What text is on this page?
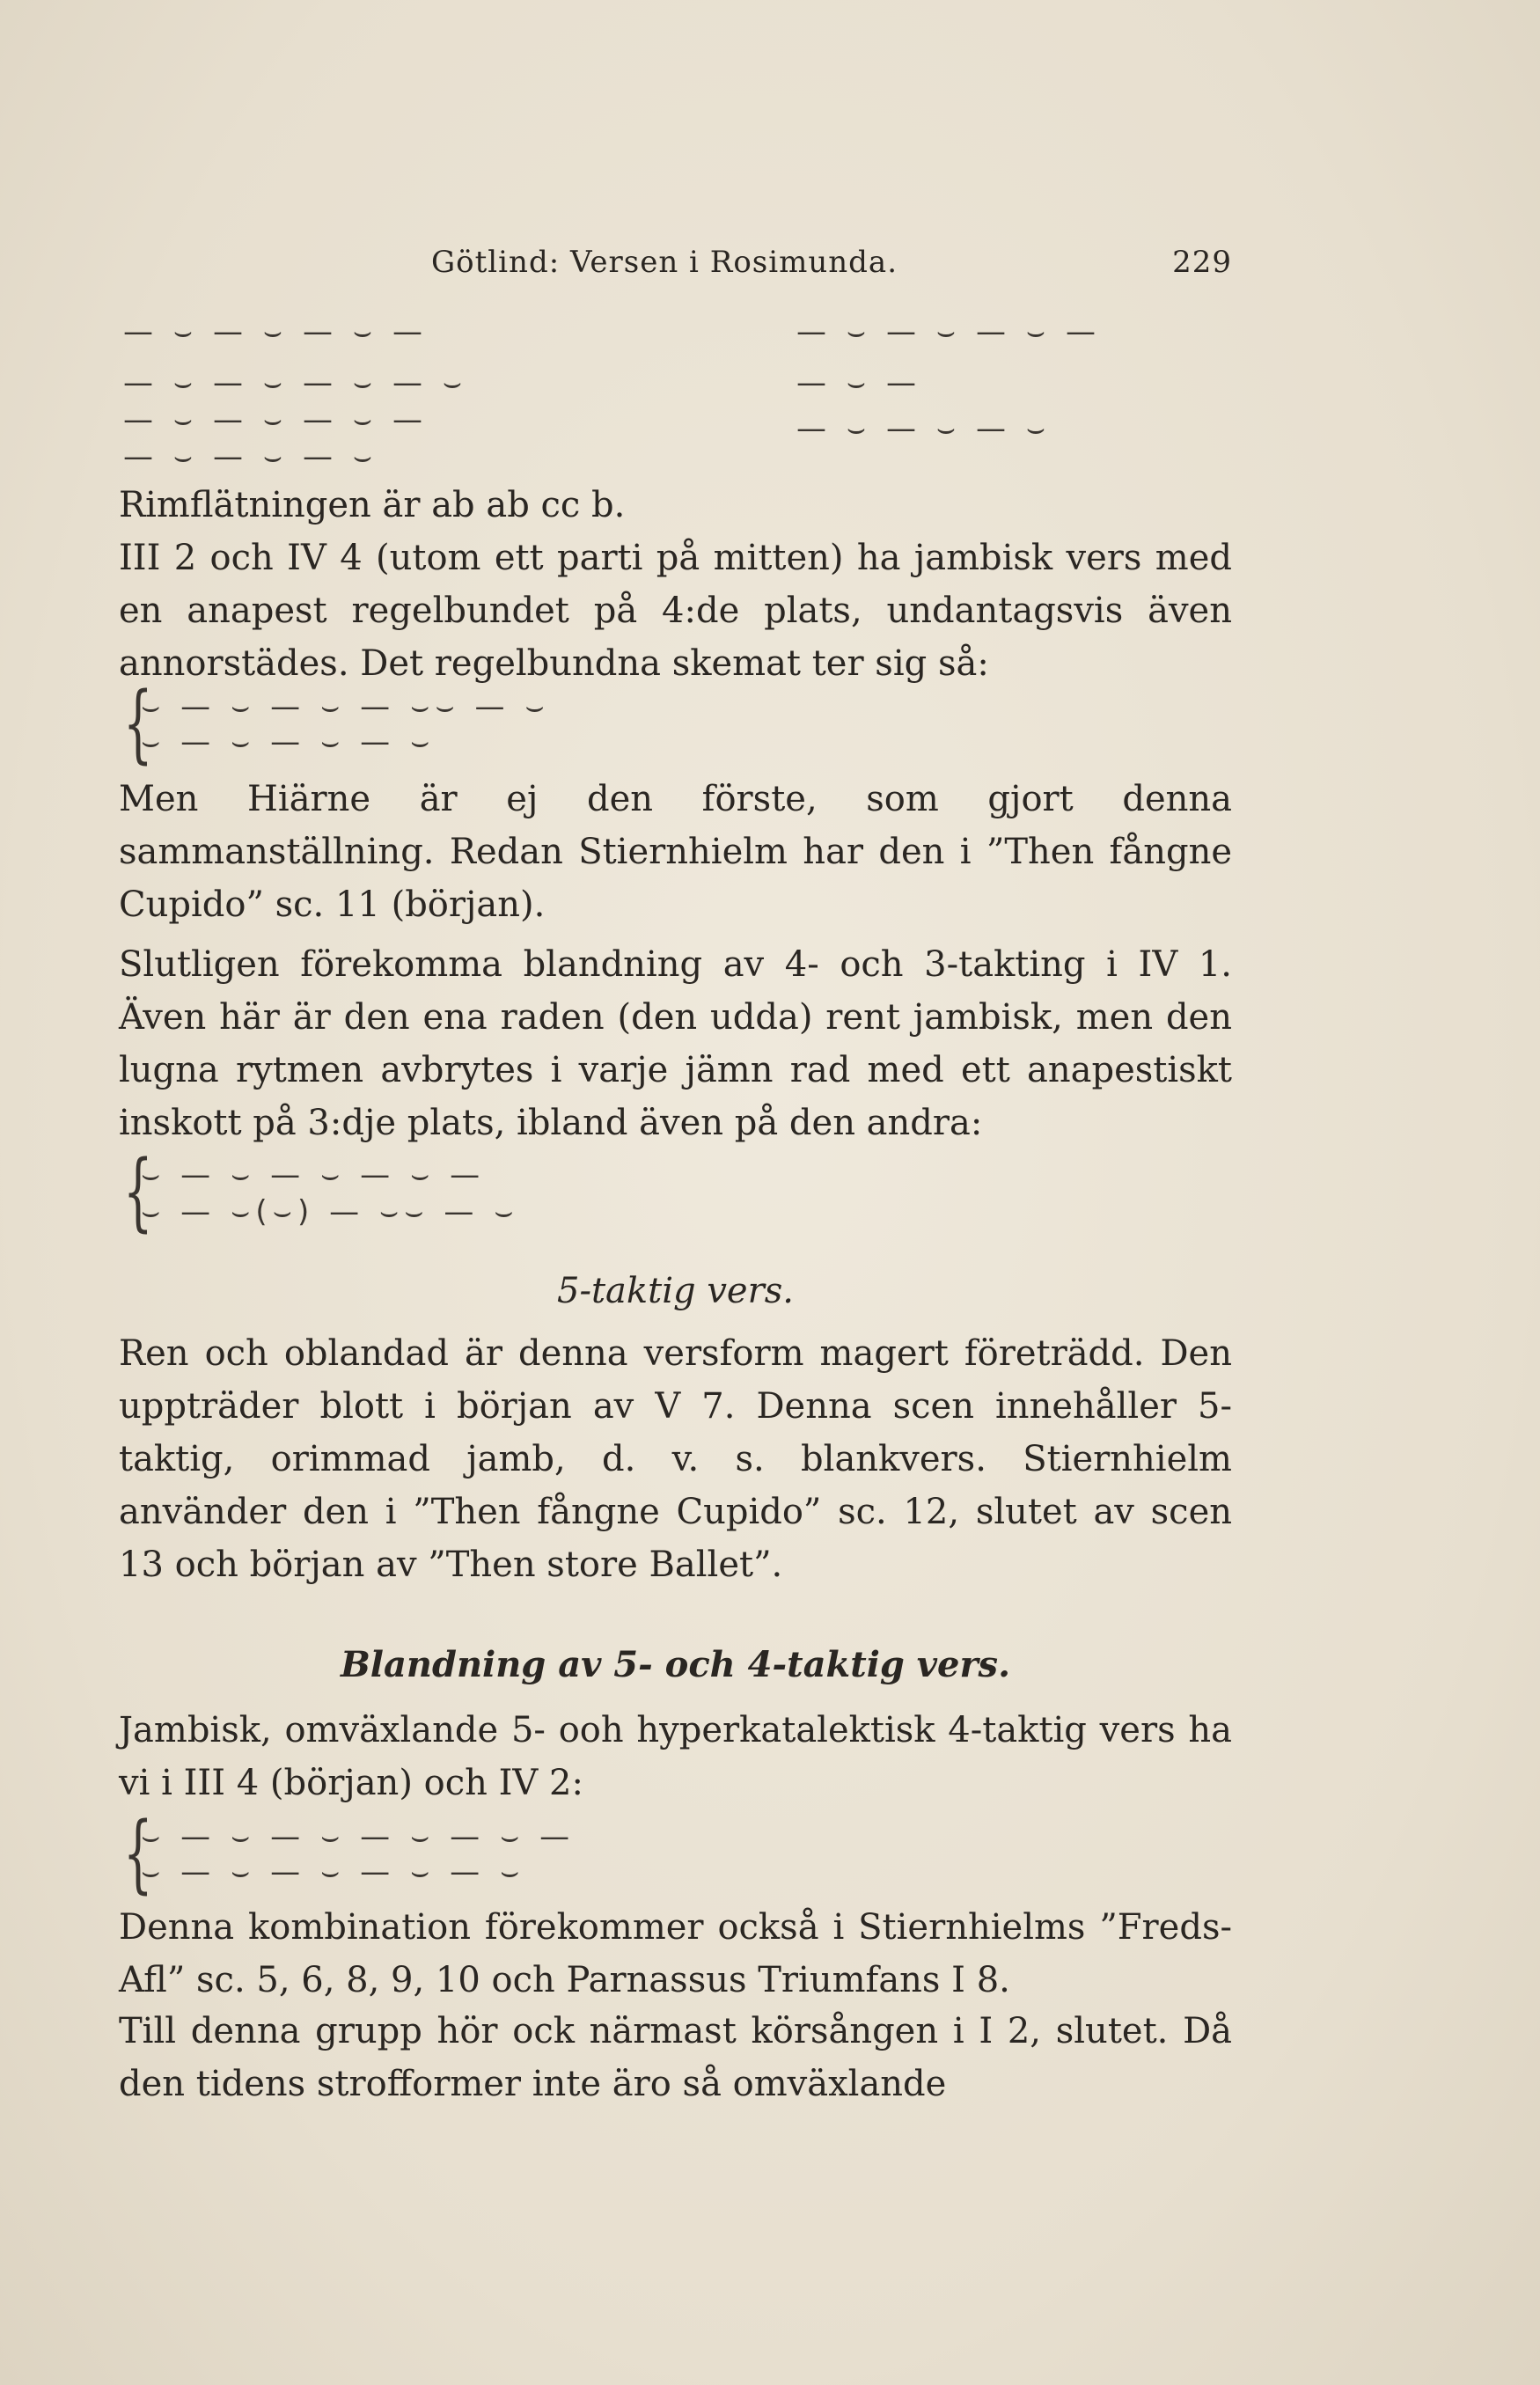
Götlind: Versen i Rosimunda.	229
— ⌣ — ⌣ — ⌣ —
— ⌣ — ⌣ — ⌣ — ⌣
— ⌣ — ⌣ — ⌣ —
— ⌣ — ⌣ — ⌣
— ⌣ — ⌣ — ⌣ —
— ⌣ —
— ⌣ — ⌣ — ⌣
Rimflätningen är ab ab cc b.
III 2 och IV 4 (utom ett parti på mitten) ha jambisk vers med en anapest regelbundet på 4:de plats, undantagsvis även annorstädes. Det regelbundna skemat ter sig så:
{
⌣ — ⌣ — ⌣ — ⌣⌣ — ⌣
⌣ — ⌣ — ⌣ — ⌣
Men Hiärne är ej den förste, som gjort denna sammanställning. Redan Stiernhielm har den i ”Then fångne Cupido” sc. 11 (början).
Slutligen förekomma blandning av 4- och 3-takting i IV 1. Även här är den ena raden (den udda) rent jambisk, men den lugna rytmen avbrytes i varje jämn rad med ett anapestiskt inskott på 3:dje plats, ibland även på den andra:
{
⌣ — ⌣ — ⌣ — ⌣ —
⌣ — ⌣(⌣) — ⌣⌣ — ⌣
5-taktig vers.
Ren och oblandad är denna versform magert företrädd. Den uppträder blott i början av V 7. Denna scen innehåller 5-taktig, orimmad jamb, d. v. s. blankvers. Stiernhielm använder den i ”Then fångne Cupido” sc. 12, slutet av scen 13 och början av ”Then store Ballet”.
Blandning av 5- och 4-taktig vers.
Jambisk, omväxlande 5- ooh hyperkatalektisk 4-taktig vers ha vi i III 4 (början) och IV 2:
{
⌣ — ⌣ — ⌣ — ⌣ — ⌣ —
⌣ — ⌣ — ⌣ — ⌣ — ⌣
Denna kombination förekommer också i Stiernhielms ”Freds-Afl” sc. 5, 6, 8, 9, 10 och Parnassus Triumfans I 8.
Till denna grupp hör ock närmast körsången i I 2, slutet. Då den tidens strofformer inte äro så omväxlande
